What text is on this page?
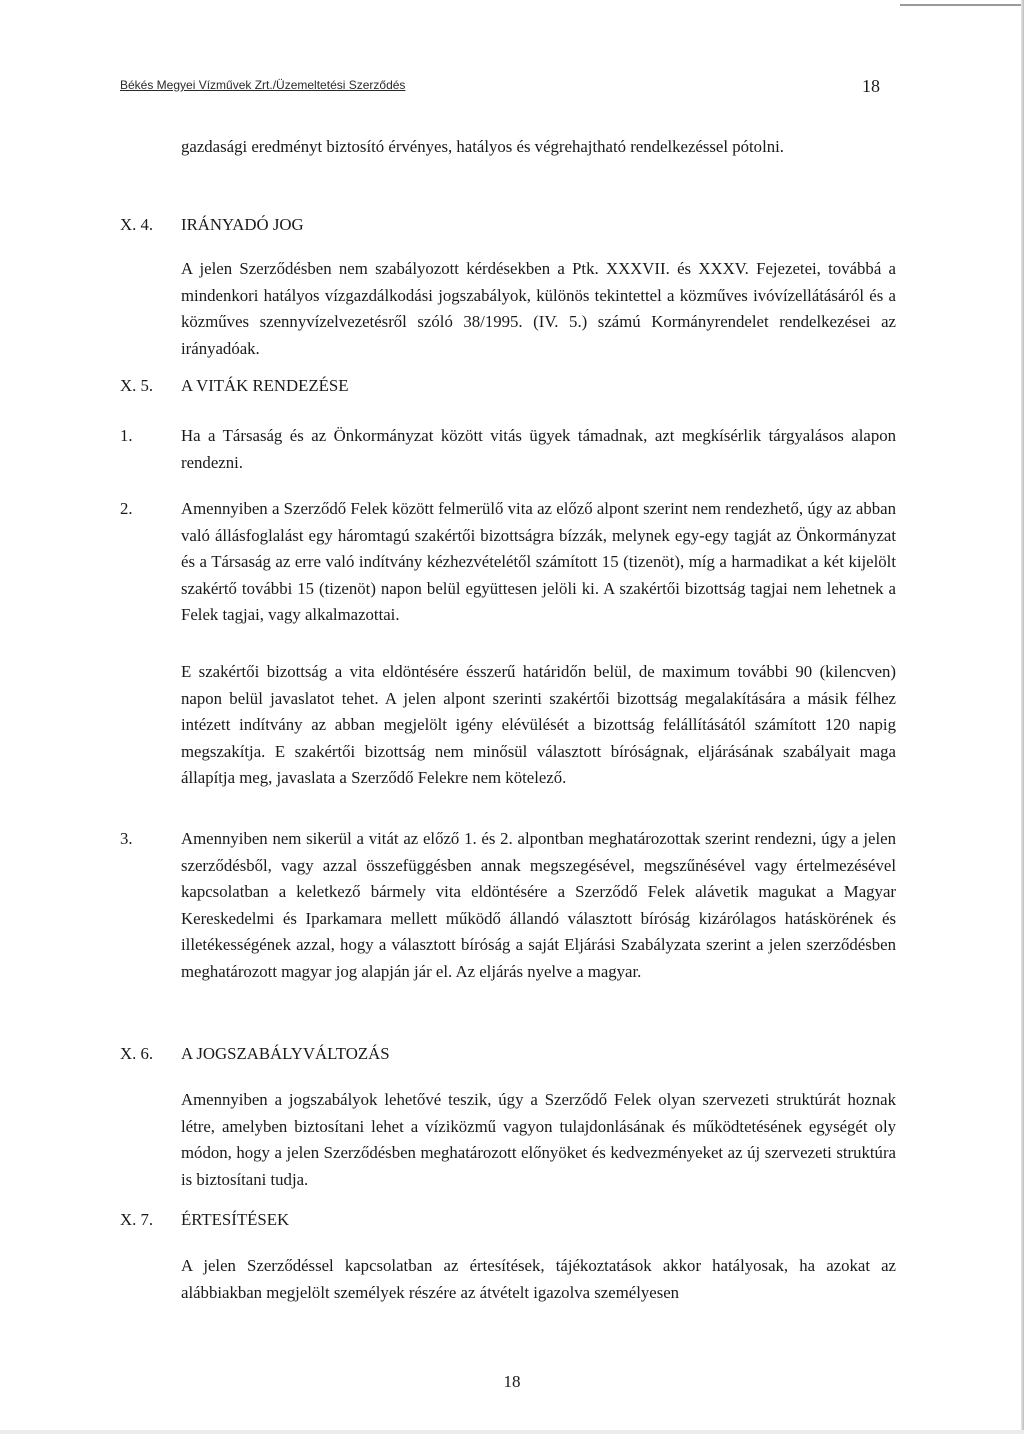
Békés Megyei Vízművek Zrt./Üzemeltetési Szerződés	18

gazdasági eredményt biztosító érvényes, hatályos és végrehajtható rendelkezéssel pótolni.

X. 4. IRÁNYADÓ JOG

A jelen Szerződésben nem szabályozott kérdésekben a Ptk. XXXVII. és XXXV. Fejezetei, továbbá a mindenkori hatályos vízgazdálkodási jogszabályok, különös tekintettel a közműves ivóvízellátásáról és a közműves szennyvízelvezetésről szóló 38/1995. (IV. 5.) számú Kormányrendelet rendelkezései az irányadóak.

X. 5. A VITÁK RENDEZÉSE
1.	Ha a Társaság és az Önkormányzat között vitás ügyek támadnak, azt megkísérlik tárgyalásos alapon rendezni.

2.	Amennyiben a Szerződő Felek között felmerülő vita az előző alpont szerint nem rendezhető, úgy az abban való állásfoglalást egy háromtagú szakértői bizottságra bízzák, melynek egy-egy tagját az Önkormányzat és a Társaság az erre való indítvány kézhezvételétől számított 15 (tizenöt), míg a harmadikat a két kijelölt szakértő további 15 (tizenöt) napon belül együttesen jelöli ki. A szakértői bizottság tagjai nem lehetnek a Felek tagjai, vagy alkalmazottai.

E szakértői bizottság a vita eldöntésére ésszerű határidőn belül, de maximum további 90 (kilencven) napon belül javaslatot tehet. A jelen alpont szerinti szakértői bizottság megalakítására a másik félhez intézett indítvány az abban megjelölt igény elévülését a bizottság felállításától számított 120 napig megszakítja. E szakértői bizottság nem minősül választott bíróságnak, eljárásának szabályait maga állapítja meg, javaslata a Szerződő Felekre nem kötelező.

3.	Amennyiben nem sikerül a vitát az előző 1. és 2. alpontban meghatározottak szerint rendezni, úgy a jelen szerződésből, vagy azzal összefüggésben annak megszegésével, megszűnésével vagy értelmezésével kapcsolatban a keletkező bármely vita eldöntésére a Szerződő Felek alávetik magukat a Magyar Kereskedelmi és Iparkamara mellett működő állandó választott bíróság kizárólagos hatáskörének és illetékességének azzal, hogy a választott bíróság a saját Eljárási Szabályzata szerint a jelen szerződésben meghatározott magyar jog alapján jár el. Az eljárás nyelve a magyar.

X. 6. A JOGSZABÁLYVÁLTOZÁS

Amennyiben a jogszabályok lehetővé teszik, úgy a Szerződő Felek olyan szervezeti struktúrát hoznak létre, amelyben biztosítani lehet a víziközmű vagyon tulajdonlásának és működtetésének egységét oly módon, hogy a jelen Szerződésben meghatározott előnyöket és kedvezményeket az új szervezeti struktúra is biztosítani tudja.

X. 7. ÉRTESÍTÉSEK

A jelen Szerződéssel kapcsolatban az értesítések, tájékoztatások akkor hatályosak, ha azokat az alábbiakban megjelölt személyek részére az átvételt igazolva személyesen

18
